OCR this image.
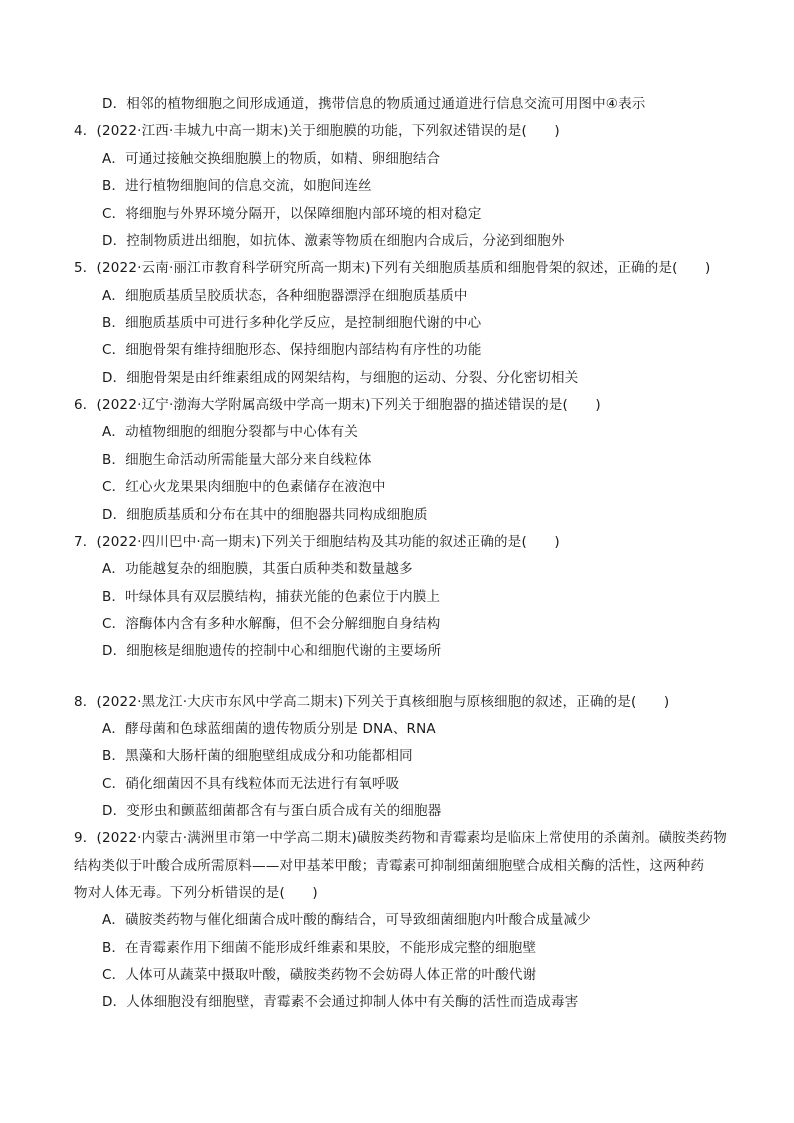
D．相邻的植物细胞之间形成通道，携带信息的物质通过通道进行信息交流可用图中④表示
4．(2022·江西·丰城九中高一期末)关于细胞膜的功能，下列叙述错误的是(　　)
A．可通过接触交换细胞膜上的物质，如精、卵细胞结合
B．进行植物细胞间的信息交流，如胞间连丝
C．将细胞与外界环境分隔开，以保障细胞内部环境的相对稳定
D．控制物质进出细胞，如抗体、激素等物质在细胞内合成后，分泌到细胞外
5．(2022·云南·丽江市教育科学研究所高一期末)下列有关细胞质基质和细胞骨架的叙述，正确的是(　　)
A．细胞质基质呈胶质状态，各种细胞器漂浮在细胞质基质中
B．细胞质基质中可进行多种化学反应，是控制细胞代谢的中心
C．细胞骨架有维持细胞形态、保持细胞内部结构有序性的功能
D．细胞骨架是由纤维素组成的网架结构，与细胞的运动、分裂、分化密切相关
6．(2022·辽宁·渤海大学附属高级中学高一期末)下列关于细胞器的描述错误的是(　　)
A．动植物细胞的细胞分裂都与中心体有关
B．细胞生命活动所需能量大部分来自线粒体
C．红心火龙果果肉细胞中的色素储存在液泡中
D．细胞质基质和分布在其中的细胞器共同构成细胞质
7．(2022·四川巴中·高一期末)下列关于细胞结构及其功能的叙述正确的是(　　)
A．功能越复杂的细胞膜，其蛋白质种类和数量越多
B．叶绿体具有双层膜结构，捕获光能的色素位于内膜上
C．溶酶体内含有多种水解酶，但不会分解细胞自身结构
D．细胞核是细胞遗传的控制中心和细胞代谢的主要场所
8．(2022·黑龙江·大庆市东风中学高二期末)下列关于真核细胞与原核细胞的叙述，正确的是(　　)
A．酵母菌和色球蓝细菌的遗传物质分别是 DNA、RNA
B．黑藻和大肠杆菌的细胞壁组成成分和功能都相同
C．硝化细菌因不具有线粒体而无法进行有氧呼吸
D．变形虫和颤蓝细菌都含有与蛋白质合成有关的细胞器
9．(2022·内蒙古·满洲里市第一中学高二期末)磺胺类药物和青霉素均是临床上常使用的杀菌剂。磺胺类药物
结构类似于叶酸合成所需原料——对甲基苯甲酸；青霉素可抑制细菌细胞壁合成相关酶的活性，这两种药
物对人体无毒。下列分析错误的是(　　)
A．磺胺类药物与催化细菌合成叶酸的酶结合，可导致细菌细胞内叶酸合成量减少
B．在青霉素作用下细菌不能形成纤维素和果胶，不能形成完整的细胞壁
C．人体可从蔬菜中摄取叶酸，磺胺类药物不会妨碍人体正常的叶酸代谢
D．人体细胞没有细胞壁，青霉素不会通过抑制人体中有关酶的活性而造成毒害
